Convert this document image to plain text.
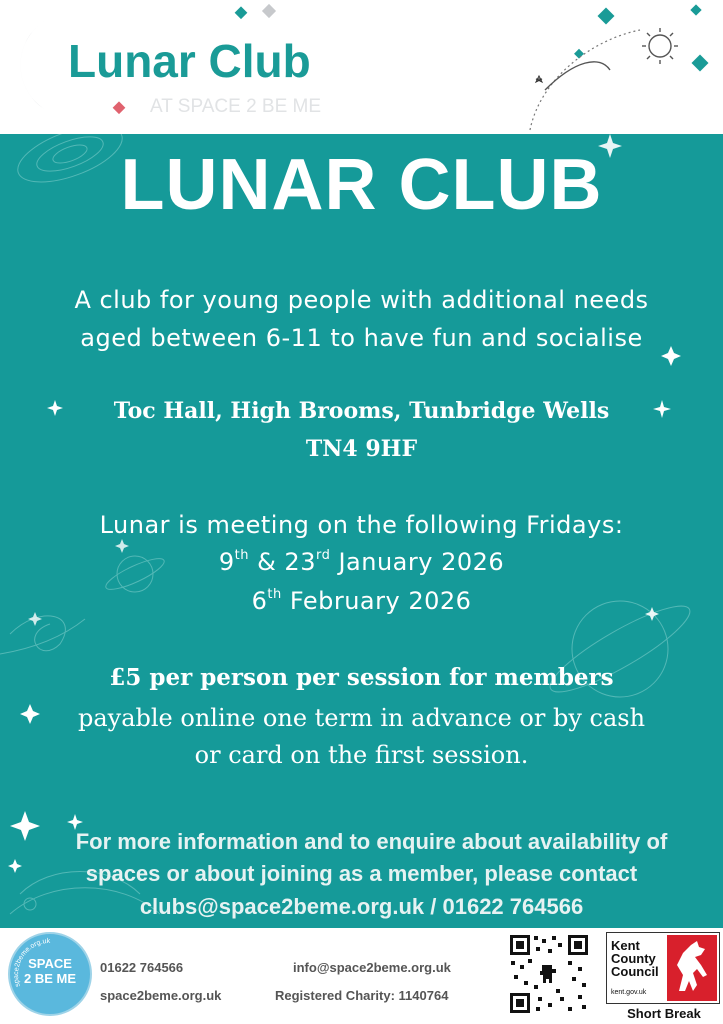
Lunar Club
AT SPACE 2 BE ME
LUNAR CLUB
A club for young people with additional needs
aged between 6-11 to have fun and socialise
Toc Hall, High Brooms, Tunbridge Wells
TN4 9HF
Lunar is meeting on the following Fridays:
9th & 23rd January 2026
6th February 2026
£5 per person per session for members
payable online one term in advance or by cash
or card on the first session.
For more information and to enquire about availability of
spaces or about joining as a member, please contact
clubs@space2beme.org.uk / 01622 764566
space2beme.org.uk
SPACE
2 BE ME
01622 764566
space2beme.org.uk
info@space2beme.org.uk
Registered Charity: 1140764
Kent
County
Council
kent.gov.uk
Short Break
